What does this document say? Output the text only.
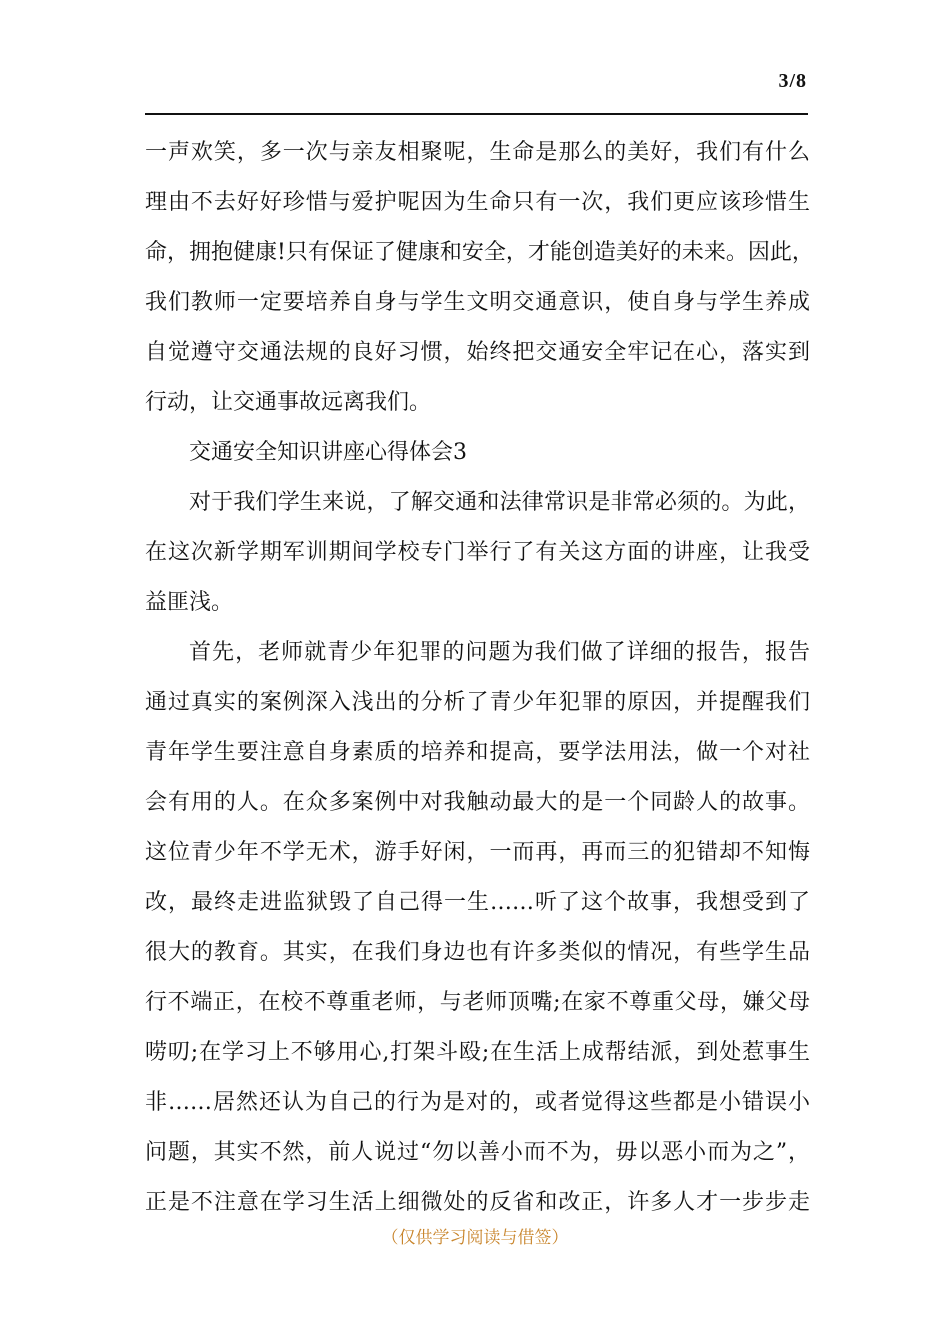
3/8
一声欢笑，多一次与亲友相聚呢，生命是那么的美好，我们有什么
理由不去好好珍惜与爱护呢因为生命只有一次，我们更应该珍惜生
命，拥抱健康!只有保证了健康和安全，才能创造美好的未来。因此，
我们教师一定要培养自身与学生文明交通意识，使自身与学生养成
自觉遵守交通法规的良好习惯，始终把交通安全牢记在心，落实到
行动，让交通事故远离我们。
交通安全知识讲座心得体会3
对于我们学生来说，了解交通和法律常识是非常必须的。为此，
在这次新学期军训期间学校专门举行了有关这方面的讲座，让我受
益匪浅。
首先，老师就青少年犯罪的问题为我们做了详细的报告，报告
通过真实的案例深入浅出的分析了青少年犯罪的原因，并提醒我们
青年学生要注意自身素质的培养和提高，要学法用法，做一个对社
会有用的人。在众多案例中对我触动最大的是一个同龄人的故事。
这位青少年不学无术，游手好闲，一而再，再而三的犯错却不知悔
改，最终走进监狱毁了自己得一生……听了这个故事，我想受到了
很大的教育。其实，在我们身边也有许多类似的情况，有些学生品
行不端正，在校不尊重老师，与老师顶嘴;在家不尊重父母，嫌父母
唠叨;在学习上不够用心,打架斗殴;在生活上成帮结派，到处惹事生
非……居然还认为自己的行为是对的，或者觉得这些都是小错误小
问题，其实不然，前人说过“勿以善小而不为，毋以恶小而为之”，
正是不注意在学习生活上细微处的反省和改正，许多人才一步步走
（仅供学习阅读与借签）
